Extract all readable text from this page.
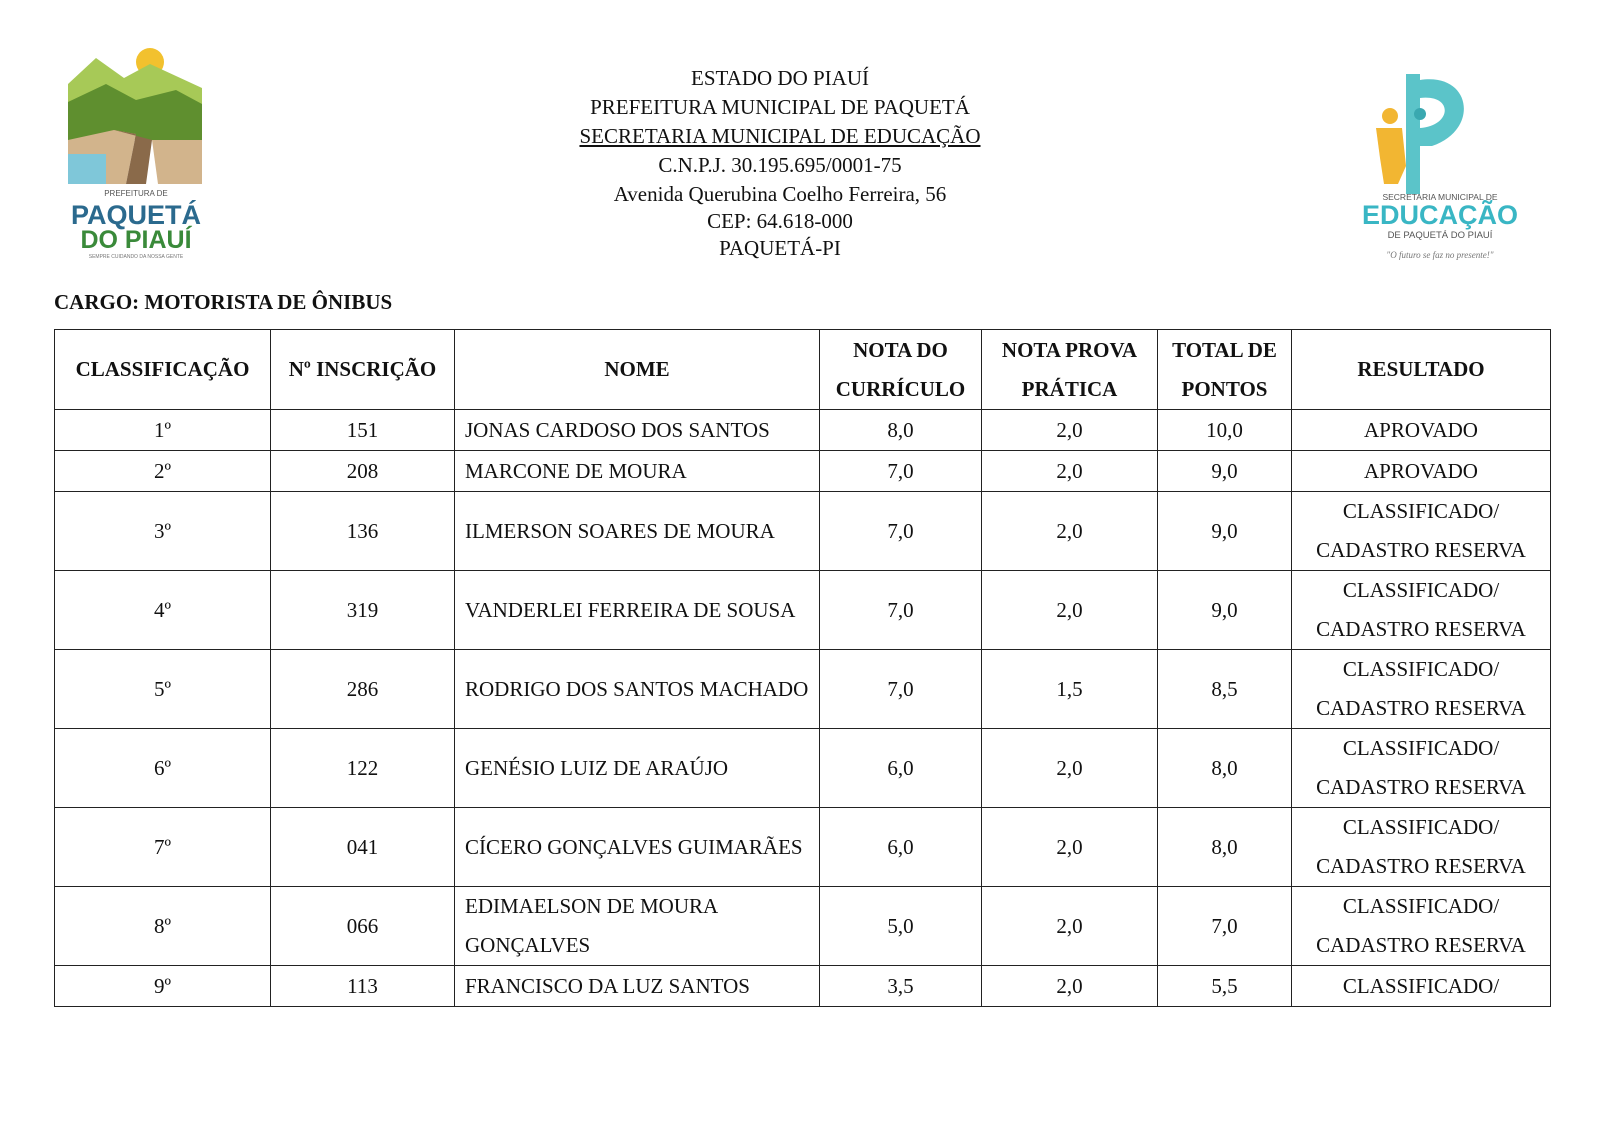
PREFEITURA DE
PAQUETÁ
DO PIAUÍ
SEMPRE CUIDANDO DA NOSSA GENTE
ESTADO DO PIAUÍ
PREFEITURA MUNICIPAL DE PAQUETÁ
SECRETARIA MUNICIPAL DE EDUCAÇÃO
C.N.P.J. 30.195.695/0001-75
Avenida Querubina Coelho Ferreira, 56
CEP: 64.618-000
PAQUETÁ-PI
SECRETARIA MUNICIPAL DE
EDUCAÇÃO
DE PAQUETÁ DO PIAUÍ
"O futuro se faz no presente!"
CARGO: MOTORISTA DE ÔNIBUS
CLASSIFICAÇÃO	Nº INSCRIÇÃO	NOME	NOTA DO CURRÍCULO	NOTA PROVA PRÁTICA	TOTAL DE PONTOS	RESULTADO
1º	151	JONAS CARDOSO DOS SANTOS	8,0	2,0	10,0	APROVADO
2º	208	MARCONE DE MOURA	7,0	2,0	9,0	APROVADO
3º	136	ILMERSON SOARES DE MOURA	7,0	2,0	9,0	CLASSIFICADO/ CADASTRO RESERVA
4º	319	VANDERLEI FERREIRA DE SOUSA	7,0	2,0	9,0	CLASSIFICADO/ CADASTRO RESERVA
5º	286	RODRIGO DOS SANTOS MACHADO	7,0	1,5	8,5	CLASSIFICADO/ CADASTRO RESERVA
6º	122	GENÉSIO LUIZ DE ARAÚJO	6,0	2,0	8,0	CLASSIFICADO/ CADASTRO RESERVA
7º	041	CÍCERO GONÇALVES GUIMARÃES	6,0	2,0	8,0	CLASSIFICADO/ CADASTRO RESERVA
8º	066	EDIMAELSON DE MOURA GONÇALVES	5,0	2,0	7,0	CLASSIFICADO/ CADASTRO RESERVA
9º	113	FRANCISCO DA LUZ SANTOS	3,5	2,0	5,5	CLASSIFICADO/
